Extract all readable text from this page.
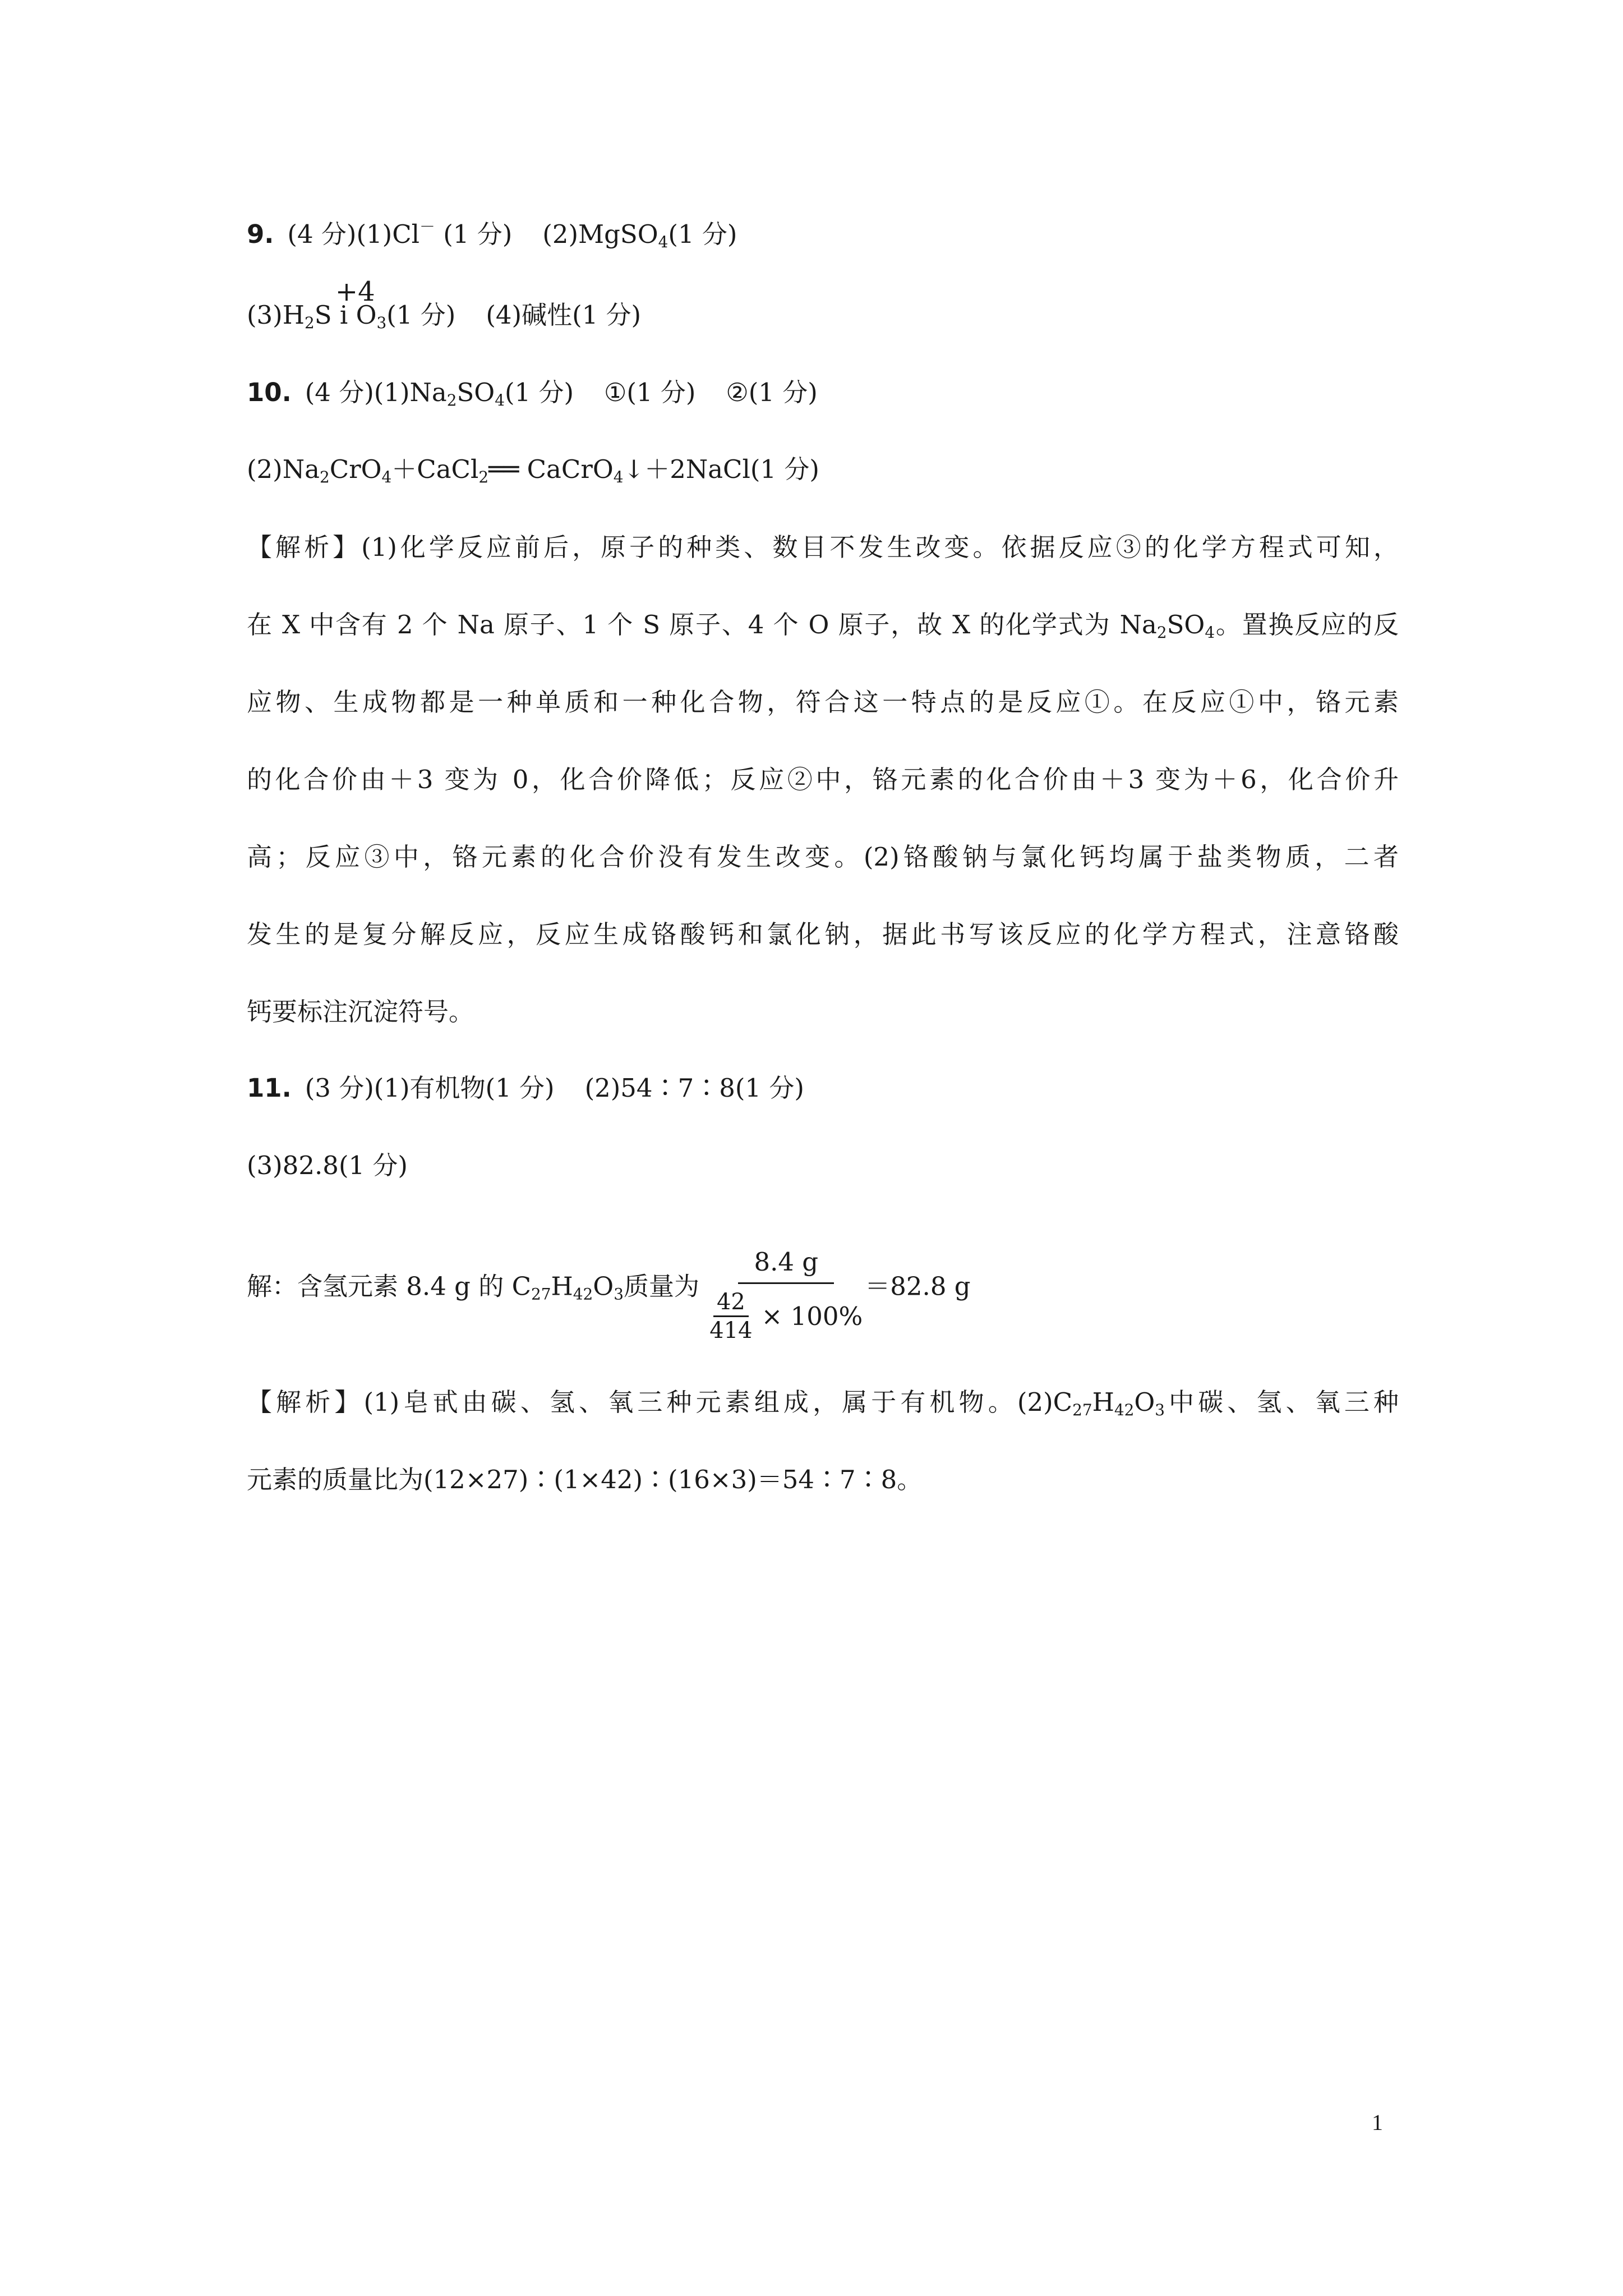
9. (4 分)(1)Cl－ (1 分) (2)MgSO$_4$(1 分)
$(3)H_2S$
+4
i $O_3(1$ 分) (4)碱性(1 分)
10. (4 分)$(1)Na_2SO_4(1$ 分) ①(1 分) ②(1 分)
$(2)Na_2CrO_4+CaCl_2══$ CaCrO$_4$↓＋2NaCl(1 分)
【解析】(1)化学反应前后，原子的种类、数目不发生改变。依据反应③的化学方程式可知，
在 X 中含有 2 个 Na 原子、1 个 S 原子、4 个 O 原子，故 X 的化学式为 $Na_2SO_4$。置换反应的反
应物、生成物都是一种单质和一种化合物，符合这一特点的是反应①。在反应①中，铬元素
的化合价由＋3 变为 0，化合价降低；反应②中，铬元素的化合价由＋3 变为＋6，化合价升
高；反应③中，铬元素的化合价没有发生改变。(2)铬酸钠与氯化钙均属于盐类物质，二者
发生的是复分解反应，反应生成铬酸钙和氯化钠，据此书写该反应的化学方程式，注意铬酸
钙要标注沉淀符号。
11. (3 分)(1)有机物(1 分) (2)54∶7∶8(1 分)
(3)82.8(1 分)
解：含氢元素 8.4 g 的 $C_{27}H_{42}O_3$质量为 $\frac{8.4 g}{\frac{42}{414} \times 100\%} =82.8$ g
【解析】(1)皂甙由碳、氢、氧三种元素组成，属于有机物。$(2)C_{27}H_{42}O_3$中碳、氢、氧三种
元素的质量比为(12×27)∶(1×42)∶(16×3)＝54∶7∶8。
1
